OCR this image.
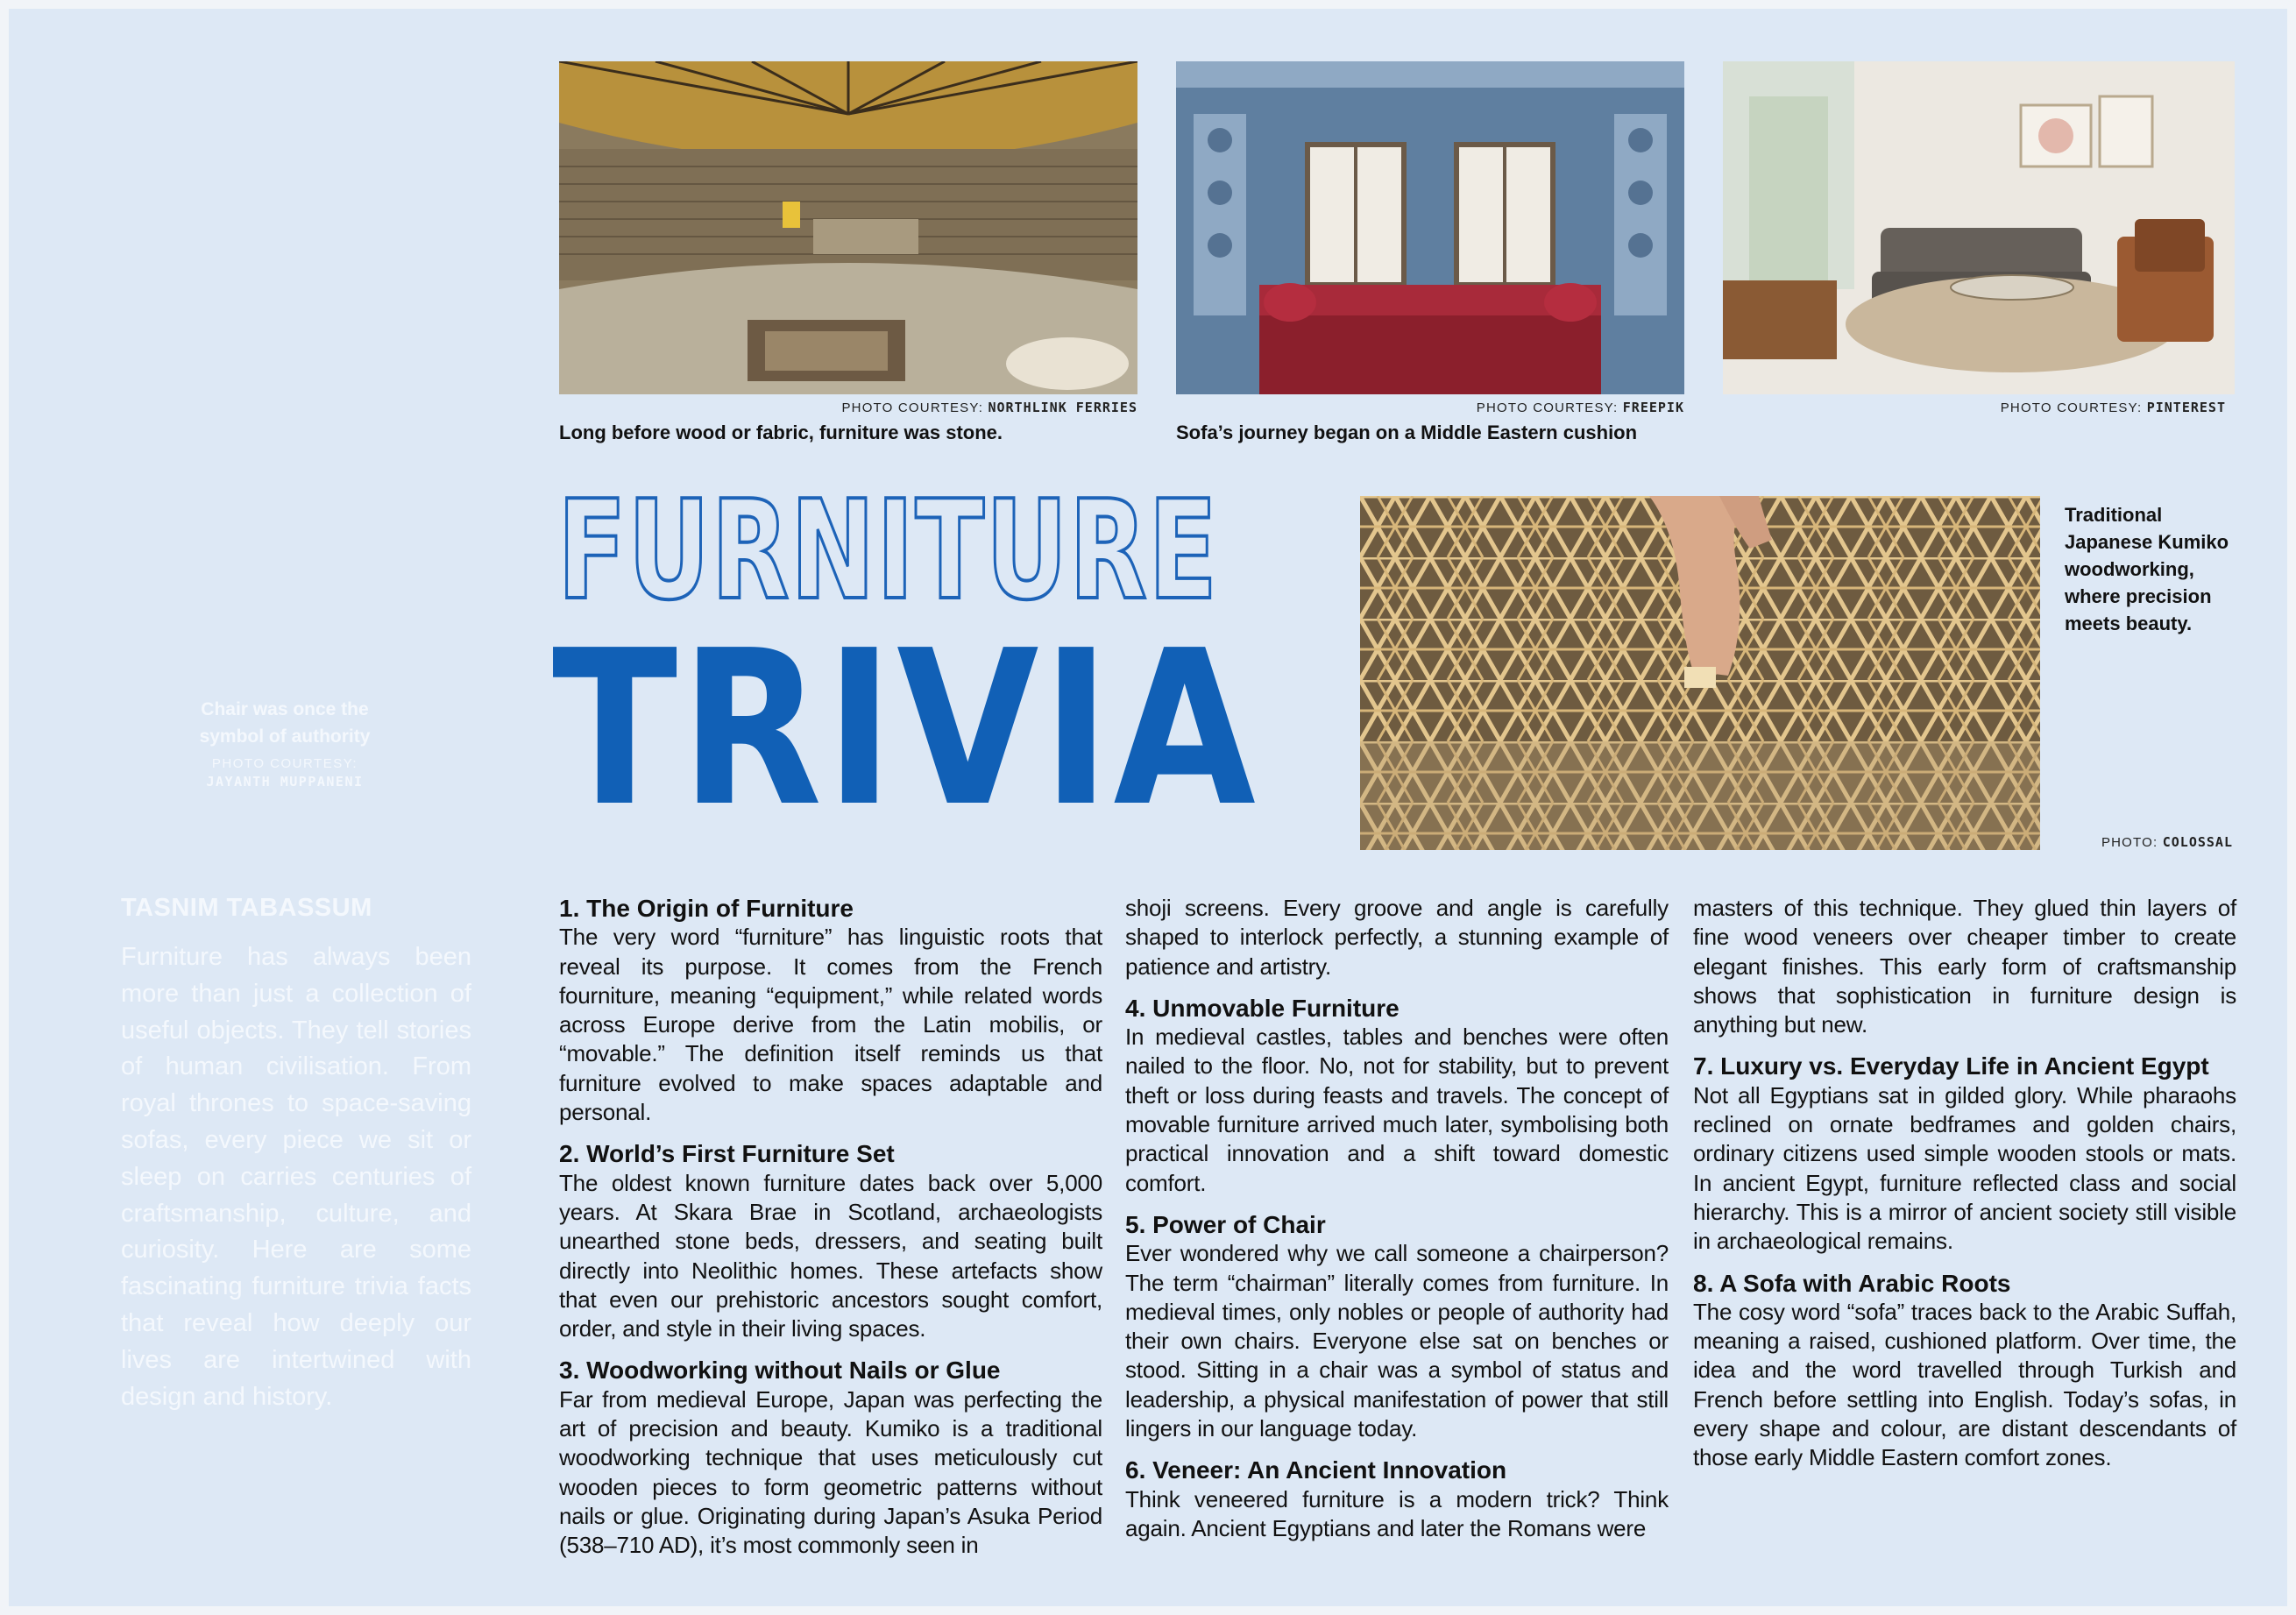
PHOTO COURTESY: NORTHLINK FERRIES
Long before wood or fabric, furniture was stone.
PHOTO COURTESY: FREEPIK
Sofa’s journey began on a Middle Eastern cushion
PHOTO COURTESY: PINTEREST
FURNITURE
TRIVIA
Traditional Japanese Kumiko woodworking, where precision meets beauty.
PHOTO: COLOSSAL
Chair was once the symbol of authority
PHOTO COURTESY:
JAYANTH MUPPANENI
TASNIM TABASSUM
Furniture has always been more than just a collection of useful objects. They tell stories of human civilisation. From royal thrones to space-saving sofas, every piece we sit or sleep on carries centuries of craftsmanship, culture, and curiosity. Here are some fascinating furniture trivia facts that reveal how deeply our lives are intertwined with design and history.
1. The Origin of Furniture

The very word “furniture” has linguistic roots that reveal its purpose. It comes from the French fourniture, meaning “equipment,” while related words across Europe derive from the Latin mobilis, or “movable.” The definition itself reminds us that furniture evolved to make spaces adaptable and personal.

2. World’s First Furniture Set

The oldest known furniture dates back over 5,000 years. At Skara Brae in Scotland, archaeologists unearthed stone beds, dressers, and seating built directly into Neolithic homes. These artefacts show that even our prehistoric ancestors sought comfort, order, and style in their living spaces.

3. Woodworking without Nails or Glue

Far from medieval Europe, Japan was perfecting the art of precision and beauty. Kumiko is a traditional woodworking technique that uses meticulously cut wooden pieces to form geometric patterns without nails or glue. Originating during Japan’s Asuka Period (538–710 AD), it’s most commonly seen in

shoji screens. Every groove and angle is carefully shaped to interlock perfectly, a stunning example of patience and artistry.

4. Unmovable Furniture

In medieval castles, tables and benches were often nailed to the floor. No, not for stability, but to prevent theft or loss during feasts and travels. The concept of movable furniture arrived much later, symbolising both practical innovation and a shift toward domestic comfort.

5. Power of Chair

Ever wondered why we call someone a chairperson? The term “chairman” literally comes from furniture. In medieval times, only nobles or people of authority had their own chairs. Everyone else sat on benches or stood. Sitting in a chair was a symbol of status and leadership, a physical manifestation of power that still lingers in our language today.

6. Veneer: An Ancient Innovation

Think veneered furniture is a modern trick? Think again. Ancient Egyptians and later the Romans were

masters of this technique. They glued thin layers of fine wood veneers over cheaper timber to create elegant finishes. This early form of craftsmanship shows that sophistication in furniture design is anything but new.

7. Luxury vs. Everyday Life in Ancient Egypt

Not all Egyptians sat in gilded glory. While pharaohs reclined on ornate bedframes and golden chairs, ordinary citizens used simple wooden stools or mats. In ancient Egypt, furniture reflected class and social hierarchy. This is a mirror of ancient society still visible in archaeological remains.

8. A Sofa with Arabic Roots

The cosy word “sofa” traces back to the Arabic Suffah, meaning a raised, cushioned platform. Over time, the idea and the word travelled through Turkish and French before settling into English. Today’s sofas, in every shape and colour, are distant descendants of those early Middle Eastern comfort zones.
